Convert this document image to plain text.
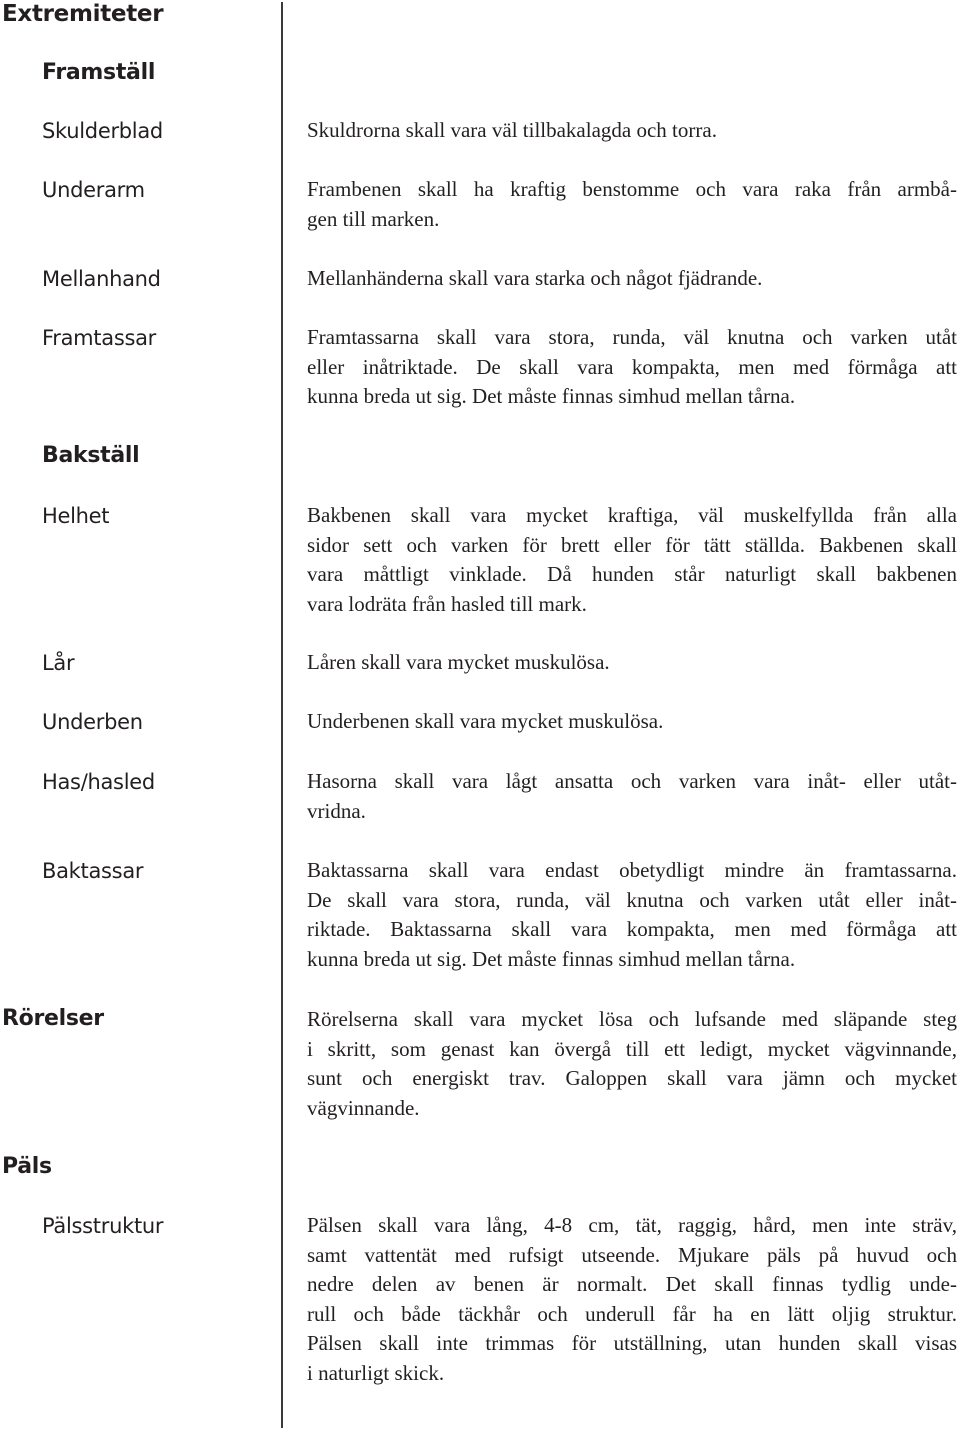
Extremiteter
Framställ
Skulderblad
Underarm
Mellanhand
Framtassar
Bakställ
Helhet
Lår
Underben
Has/hasled
Baktassar
Rörelser
Päls
Pälsstruktur
Skuldrorna skall vara väl tillbakalagda och torra.
Frambenen skall ha kraftig benstomme och vara raka från armbå-
gen till marken.
Mellanhänderna skall vara starka och något fjädrande.
Framtassarna skall vara stora, runda, väl knutna och varken utåt
eller inåtriktade. De skall vara kompakta, men med förmåga att
kunna breda ut sig. Det måste finnas simhud mellan tårna.
Bakbenen skall vara mycket kraftiga, väl muskelfyllda från alla
sidor sett och varken för brett eller för tätt ställda. Bakbenen skall
vara måttligt vinklade. Då hunden står naturligt skall bakbenen
vara lodräta från hasled till mark.
Låren skall vara mycket muskulösa.
Underbenen skall vara mycket muskulösa.
Hasorna skall vara lågt ansatta och varken vara inåt- eller utåt-
vridna.
Baktassarna skall vara endast obetydligt mindre än framtassarna.
De skall vara stora, runda, väl knutna och varken utåt eller inåt-
riktade. Baktassarna skall vara kompakta, men med förmåga att
kunna breda ut sig. Det måste finnas simhud mellan tårna.
Rörelserna skall vara mycket lösa och lufsande med släpande steg
i skritt, som genast kan övergå till ett ledigt, mycket vägvinnande,
sunt och energiskt trav. Galoppen skall vara jämn och mycket
vägvinnande.
Pälsen skall vara lång, 4-8 cm, tät, raggig, hård, men inte sträv,
samt vattentät med rufsigt utseende. Mjukare päls på huvud och
nedre delen av benen är normalt. Det skall finnas tydlig unde-
rull och både täckhår och underull får ha en lätt oljig struktur.
Pälsen skall inte trimmas för utställning, utan hunden skall visas
i naturligt skick.
